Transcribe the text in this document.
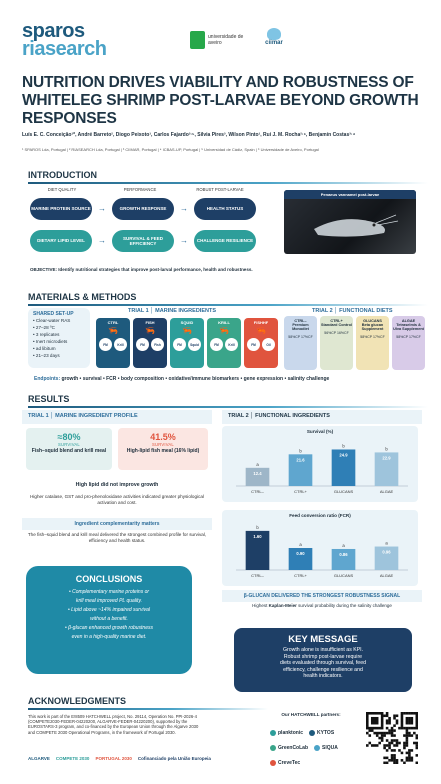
sparos
riasearch
universidade de aveiro	ciimar
NUTRITION DRIVES VIABILITY AND ROBUSTNESS OF WHITELEG SHRIMP POST-LARVAE BEYOND GROWTH RESPONSES
Luís E. C. Conceição¹*, André Barreto², Diogo Peixoto¹, Carlos Fajardo³·⁵, Sílvia Pires³, Wilson Pinto¹, Rui J. M. Rocha²·⁶, Benjamín Costas³·⁴
¹ SPAROS Lda, Portugal | ² RIASEARCH Lda, Portugal | ³ CIIMAR, Portugal | ⁴ ICBAS-UP, Portugal | ⁵ Universidad de Cádiz, Spain | ⁶ Universidade de Aveiro, Portugal
INTRODUCTION
DIET QUALITY	PERFORMANCE	ROBUST POST-LARVAE
MARINE PROTEIN SOURCE
DIETARY LIPID LEVEL
→
→
GROWTH RESPONSE
SURVIVAL & FEED EFFICIENCY
→
→
HEALTH STATUS
CHALLENGE RESILIENCE
Penaeus vannamei post-larvae
OBJECTIVE: Identify nutritional strategies that improve post-larval performance, health and robustness.
MATERIALS & METHODS
SHARED SET-UP
• Clear-water RAS
• 27–28 ºC
• 3 replicates
• Inert microdiets
• ad libitum
• 21–23 days
TRIAL 1 │ MARINE INGREDIENTS
CTRL
🦐
FM	Krill
FISH
🦐
FM	Fish
SQUID
🦐
FM	Squid
KRILL
🦐
FM	Krill
FISHHF
🦐
FM	Oil
TRIAL 2 │ FUNCTIONAL DIETS
CTRL–
Premium Monodiet
58%CP 17%CF
CTRL+
Standard Control
56%CP 16%CF
GLUCANS
Beta glucan Supplement
58%CP 17%CF
ALGAE
Tetraselmis & Ulva Supplement
58%CP 17%CF
Endpoints: growth • survival • FCR • body composition • oxidative/immune biomarkers • gene expression • salinity challenge
RESULTS
TRIAL 1 │ MARINE INGREDIENT PROFILE	TRIAL 2 │ FUNCTIONAL INGREDIENTS
≈80%
SURVIVAL
Fish–squid blend and krill meal
41.5%
SURVIVAL
High-lipid fish meal (16% lipid)
High lipid did not improve growth
Higher catalase, GST and pro-phenoloxidase activities indicated greater physiological activation and cost.
Ingredient complementarity matters
The fish–squid blend and krill meal delivered the strongest combined profile for survival, efficiency and health status.
CONCLUSIONS
• Complementary marine proteins or
krill meal improved PL quality.
• Lipid above ~14% impaired survival
without a benefit.
• β-glucan enhanced growth robustness
even in a high-quality marine diet.
Survival (%)
12.4
a
CTRL–
21.6
b
CTRL+
24.9
b
GLUCANS
22.9
b
ALGAE
Feed conversion ratio (FCR)
1.60
b
CTRL–
0.90
a
CTRL+
0.86
a
GLUCANS
0.96
a
ALGAE
β-GLUCAN DELIVERED THE STRONGEST ROBUSTNESS SIGNAL
Highest Kaplan-Meier survival probability during the salinity challenge
KEY MESSAGE
Growth alone is insufficient as KPI.
Robust shrimp post-larvae require
diets evaluated through survival, feed
efficiency, challenge resilience and
health indicators.
ACKNOWLEDGMENTS
This work is part of the E!8509 HATCHWELL project, No. 29114, Operation No. PPI-2026-4
(COMPETE2030-FEDER-04220200, ALGARVE-FEDER-04220200), supported by the
EUROSTARS-3 program, and co-financed by the European Union through the Algarve 2030
and COMPETE 2030 Operational Programs, in the framework of Portugal 2030.
ALGARVE COMPETE 2030 PORTUGAL 2030 Cofinanciado pela União Europeia
Our HATCHWELL partners:
planktonic	KYTOS
GreenCoLab	SIQUA
CreveTec
